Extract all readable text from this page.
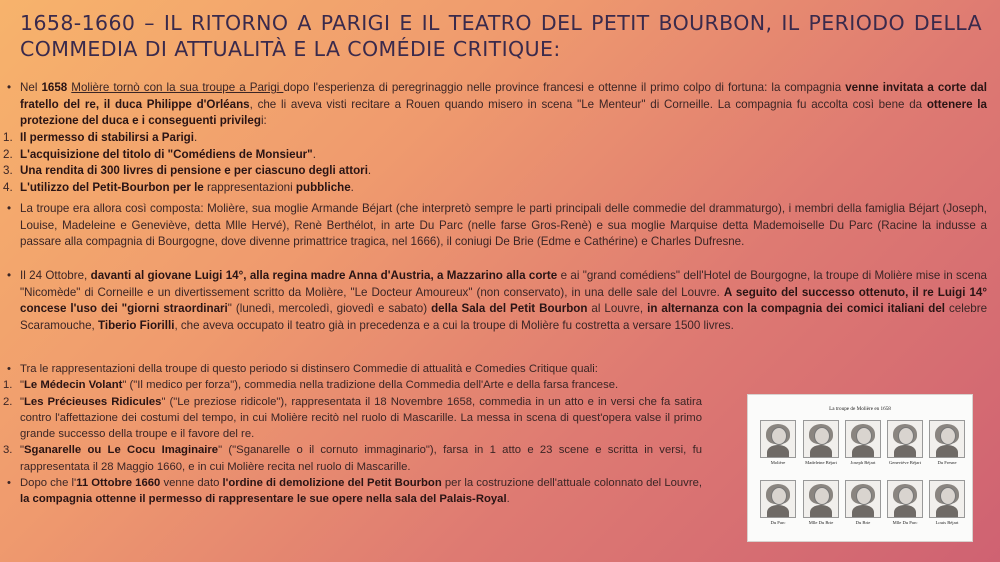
1658-1660 – IL RITORNO A PARIGI E IL TEATRO DEL PETIT BOURBON, IL PERIODO DELLA COMMEDIA DI ATTUALITÀ E LA COMÉDIE CRITIQUE:
• Nel 1658 Molière tornò con la sua troupe a Parigi dopo l'esperienza di peregrinaggio nelle province francesi e ottenne il primo colpo di fortuna: la compagnia venne invitata a corte dal fratello del re, il duca Philippe d'Orléans, che li aveva visti recitare a Rouen quando misero in scena "Le Menteur" di Corneille. La compagnia fu accolta così bene da ottenere la protezione del duca e i conseguenti privilegi:
1. Il permesso di stabilirsi a Parigi.
2. L'acquisizione del titolo di "Comédiens de Monsieur".
3. Una rendita di 300 livres di pensione e per ciascuno degli attori.
4. L'utilizzo del Petit-Bourbon per le rappresentazioni pubbliche.
• La troupe era allora così composta: Molière, sua moglie Armande Béjart (che interpretò sempre le parti principali delle commedie del drammaturgo), i membri della famiglia Béjart (Joseph, Louise, Madeleine e Geneviève, detta Mlle Hervé), Renè Berthélot, in arte Du Parc (nelle farse Gros-Renè) e sua moglie Marquise detta Mademoiselle Du Parc (Racine la indusse a passare alla compagnia di Bourgogne, dove divenne primattrice tragica, nel 1666), il coniugi De Brie (Edme e Cathérine) e Charles Dufresne.
• Il 24 Ottobre, davanti al giovane Luigi 14°, alla regina madre Anna d'Austria, a Mazzarino alla corte e ai "grand comédiens" dell'Hotel de Bourgogne, la troupe di Molière mise in scena "Nicomède" di Corneille e un divertissement scritto da Molière, "Le Docteur Amoureux" (non conservato), in una delle sale del Louvre. A seguito del successo ottenuto, il re Luigi 14° concese l'uso dei "giorni straordinari" (lunedì, mercoledì, giovedì e sabato) della Sala del Petit Bourbon al Louvre, in alternanza con la compagnia dei comici italiani del celebre Scaramouche, Tiberio Fiorilli, che aveva occupato il teatro già in precedenza e a cui la troupe di Molière fu costretta a versare 1500 livres.
• Tra le rappresentazioni della troupe di questo periodo si distinsero Commedie di attualità e Comedies Critique quali:
1. "Le Médecin Volant" ("Il medico per forza"), commedia nella tradizione della Commedia dell'Arte e della farsa francese.
2. "Les Précieuses Ridicules" ("Le preziose ridicole"), rappresentata il 18 Novembre 1658, commedia in un atto e in versi che fa satira contro l'affettazione dei costumi del tempo, in cui Molière recitò nel ruolo di Mascarille. La messa in scena di quest'opera valse il primo grande successo della troupe e il favore del re.
3. "Sganarelle ou Le Cocu Imaginaire" ("Sganarelle o il cornuto immaginario"), farsa in 1 atto e 23 scene e scritta in versi, fu rappresentata il 28 Maggio 1660, e in cui Molière recita nel ruolo di Mascarille.
• Dopo che l'11 Ottobre 1660 venne dato l'ordine di demolizione del Petit Bourbon per la costruzione dell'attuale colonnato del Louvre, la compagnia ottenne il permesso di rappresentare le sue opere nella sala del Palais-Royal.
La troupe de Molière en 1658
Molière	Madeleine Béjart	Joseph Béjart	Geneviève Béjart	Du Fresne
Du Parc	Mlle Du Brie	Du Brie	Mlle Du Parc	Louis Béjart
